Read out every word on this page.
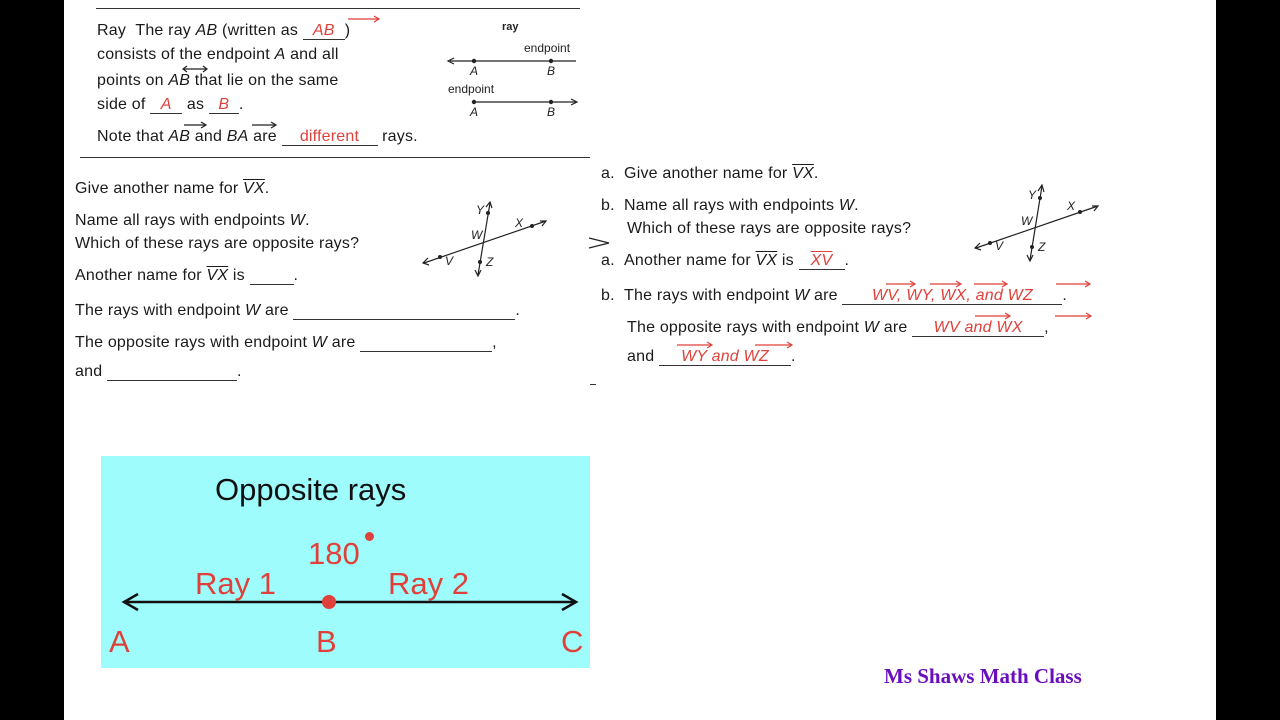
Ray The ray AB (written as AB )
consists of the endpoint A and all
points on AB that lie on the same
side of A as B .
Note that AB and BA are different rays.
ray
endpoint
A	B
endpoint
A	B
Give another name for $\overline{VX}$.
Name all rays with endpoints W.
Which of these rays are opposite rays?
Another name for $\overline{VX}$ is	.
The rays with endpoint W are	.
The opposite rays with endpoint W are	,
and	.
Y
X
W
V	Z
a. Give another name for $\overline{VX}$.
b. Name all rays with endpoints W.
Which of these rays are opposite rays?
a. Another name for $\overline{VX}$ is $\overline{XV}$ .
b. The rays with endpoint W are WV, WY, WX, and WZ .
The opposite rays with endpoint W are WV and WX ,
and WY and WZ .
Y
X
W
V	Z
Opposite rays
180
Ray 1	Ray 2
A	B	C
Ms Shaws Math Class
